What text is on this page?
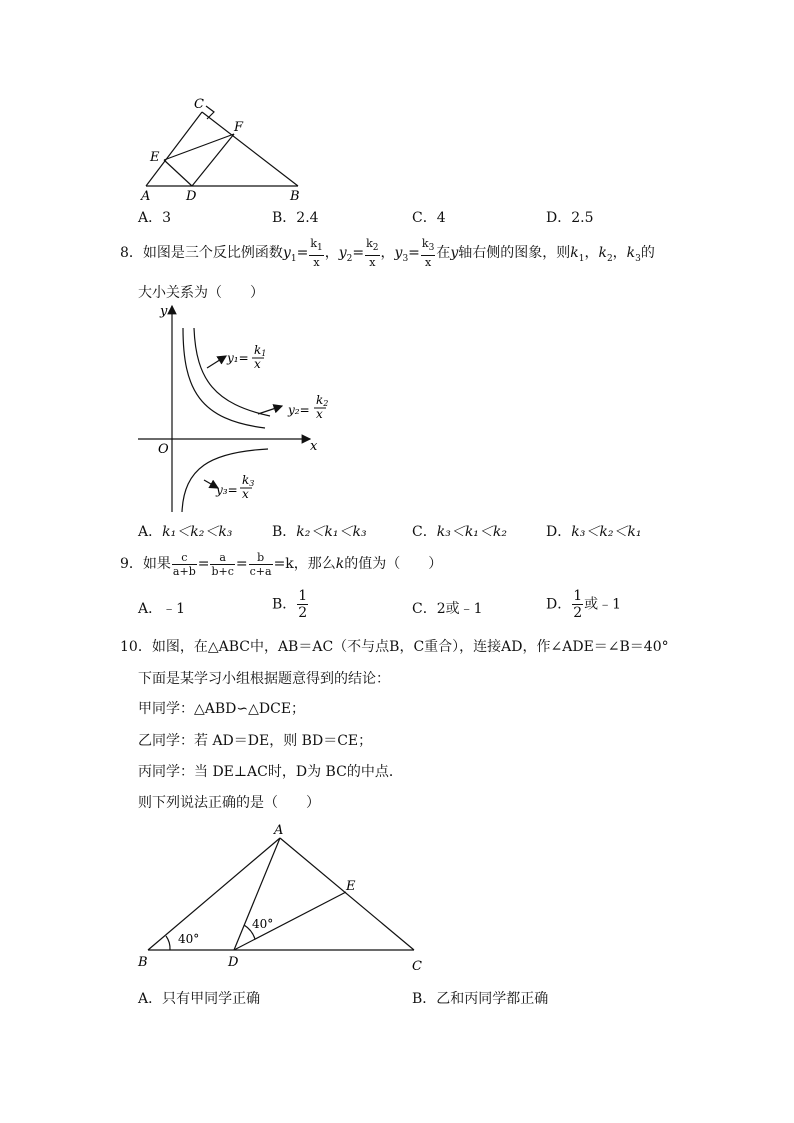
C
F
E
A	D	B
A．3	B．2.4	C．4	D．2.5
8．如图是三个反比例函数$y_1= \frac{k_1}{x}$ ，$y_2= \frac{k_2}{x}$ ，$y_3= \frac{k_3}{x}$ 在y轴右侧的图象，则$k_1$，$k_2$，$k_3$的
大小关系为（　　）
y
x
O
y₁=
k1
x
y₂=
k2
x
y₃=
k3
x
A．k₁＜k₂＜k₃	B．k₂＜k₁＜k₃	C．k₃＜k₁＜k₂	D．k₃＜k₂＜k₁
9．如果 $\frac{c}{a+b} = \frac{a}{b+c} = \frac{b}{c+a} =k$，那么k的值为（　　）
A．﹣1	B． $\frac{1}{2}$	C．2或﹣1	D． $\frac{1}{2}$ 或﹣1
10．如图，在△ABC中，AB＝AC（不与点B，C重合），连接AD，作∠ADE＝∠B＝40°
下面是某学习小组根据题意得到的结论：
甲同学：△ABD∽△DCE；
乙同学：若 AD＝DE，则 BD＝CE；
丙同学：当 DE⊥AC时，D为 BC的中点．
则下列说法正确的是（　　）
A
B	D	C
E
40°
40°
A．只有甲同学正确	B．乙和丙同学都正确
